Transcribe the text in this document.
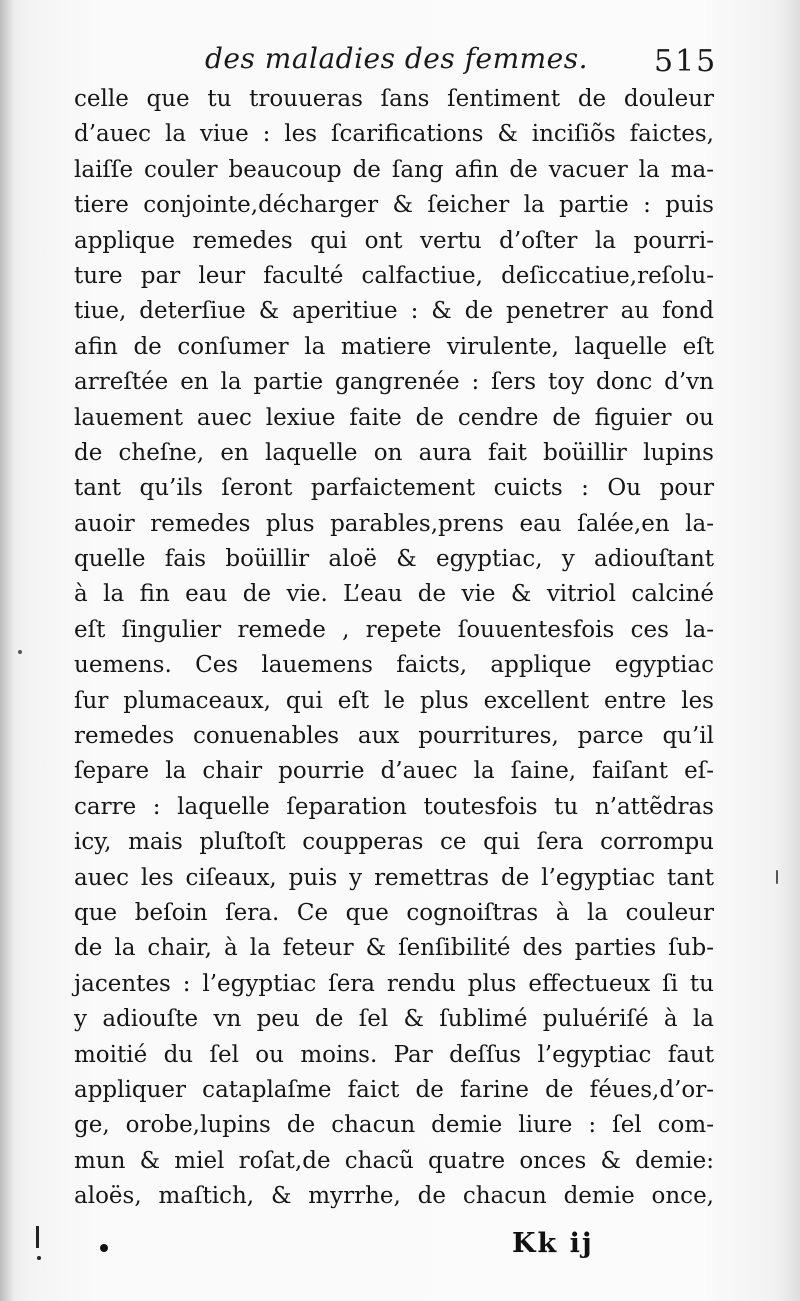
des maladies des femmes. 515
celle que tu trouueras ſans ſentiment de douleur
d’auec la viue : les ſcarifications & inciſiõs faictes,
laiſſe couler beaucoup de ſang afin de vacuer la ma-
tiere conjointe,décharger & ſeicher la partie : puis
applique remedes qui ont vertu d’oſter la pourri-
ture par leur faculté calfactiue, deſiccatiue,reſolu-
tiue, deterſiue & aperitiue : & de penetrer au fond
afin de conſumer la matiere virulente, laquelle eſt
arreſtée en la partie gangrenée : ſers toy donc d’vn
lauement auec lexiue faite de cendre de figuier ou
de cheſne, en laquelle on aura fait boüillir lupins
tant qu’ils ſeront parfaictement cuicts : Ou pour
auoir remedes plus parables,prens eau ſalée,en la-
quelle fais boüillir aloë & egyptiac, y adiouſtant
à la fin eau de vie. L’eau de vie & vitriol calciné
eſt ſingulier remede , repete ſouuentesfois ces la-
uemens. Ces lauemens faicts, applique egyptiac
ſur plumaceaux, qui eſt le plus excellent entre les
remedes conuenables aux pourritures, parce qu’il
ſepare la chair pourrie d’auec la ſaine, faiſant eſ-
carre : laquelle ſeparation toutesfois tu n’attẽdras
icy, mais pluſtoſt coupperas ce qui ſera corrompu
auec les ciſeaux, puis y remettras de l’egyptiac tant
que beſoin ſera. Ce que cognoiſtras à la couleur
de la chair, à la feteur & ſenſibilité des parties ſub-
jacentes : l’egyptiac ſera rendu plus effectueux ſi tu
y adiouſte vn peu de ſel & ſublimé puluériſé à la
moitié du ſel ou moins. Par deſſus l’egyptiac faut
appliquer cataplaſme faict de farine de féues,d’or-
ge, orobe,lupins de chacun demie liure : ſel com-
mun & miel roſat,de chacũ quatre onces & demie:
aloës, maſtich, & myrrhe, de chacun demie once,
Kk ij
